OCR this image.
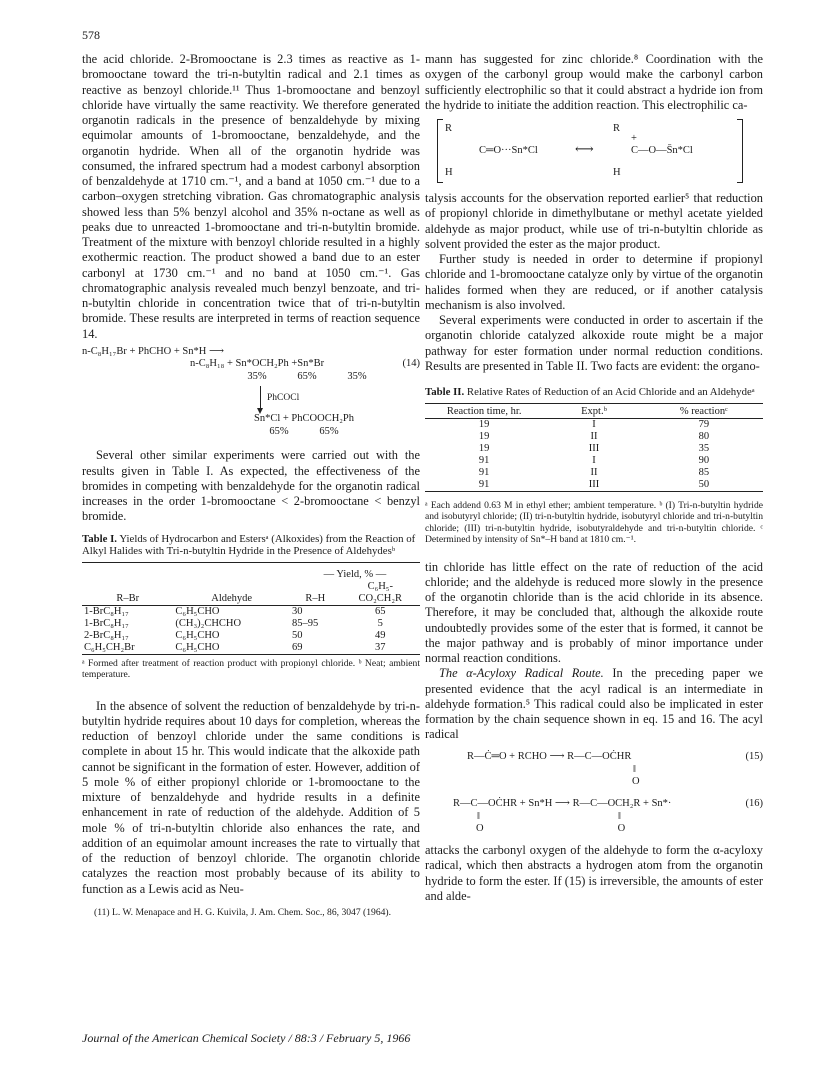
578

the acid chloride. 2-Bromooctane is 2.3 times as reactive as 1-bromooctane toward the tri-n-butyltin radical and 2.1 times as reactive as benzoyl chloride.¹¹ Thus 1-bromooctane and benzoyl chloride have virtually the same reactivity. We therefore generated organotin radicals in the presence of benzaldehyde by mixing equimolar amounts of 1-bromooctane, benzaldehyde, and the organotin hydride. When all of the organotin hydride was consumed, the infrared spectrum had a modest carbonyl absorption of benzaldehyde at 1710 cm.⁻¹, and a band at 1050 cm.⁻¹ due to a carbon–oxygen stretching vibration. Gas chromatographic analysis showed less than 5% benzyl alcohol and 35% n-octane as well as peaks due to unreacted 1-bromooctane and tri-n-butyltin bromide. Treatment of the mixture with benzoyl chloride resulted in a highly exothermic reaction. The product showed a band due to an ester carbonyl at 1730 cm.⁻¹ and no band at 1050 cm.⁻¹. Gas chromatographic analysis revealed much benzyl benzoate, and tri-n-butyltin chloride in concentration twice that of tri-n-butyltin bromide. These results are interpreted in terms of reaction sequence 14.

n-C₈H₁₇Br + PhCHO + Sn*H ⟶
n-C₈H₁₈ + Sn*OCH₂Ph +Sn*Br	(14)
35%	65%	35%
PhCOCl
Sn*Cl + PhCOOCH₂Ph
65%	65%

Several other similar experiments were carried out with the results given in Table I. As expected, the effectiveness of the bromides in competing with benzaldehyde for the organotin radical increases in the order 1-bromooctane < 2-bromooctane < benzyl bromide.

Table I. Yields of Hydrocarbon and Estersᵃ (Alkoxides) from the Reaction of Alkyl Halides with Tri-n-butyltin Hydride in the Presence of Aldehydesᵇ
		— Yield, % —	
			C₆H₅-
R–Br	Aldehyde	R–H	CO₂CH₂R
1-BrC₈H₁₇	C₆H₅CHO	30	65
1-BrC₈H₁₇	(CH₃)₂CHCHO	85–95	5
2-BrC₈H₁₇	C₆H₅CHO	50	49
C₆H₅CH₂Br	C₆H₅CHO	69	37

ᵃ Formed after treatment of reaction product with propionyl chloride. ᵇ Neat; ambient temperature.

In the absence of solvent the reduction of benzaldehyde by tri-n-butyltin hydride requires about 10 days for completion, whereas the reduction of benzoyl chloride under the same conditions is complete in about 15 hr. This would indicate that the alkoxide path cannot be significant in the formation of ester. However, addition of 5 mole % of either propionyl chloride or 1-bromooctane to the mixture of benzaldehyde and hydride results in a definite enhancement in rate of reduction of the aldehyde. Addition of 5 mole % of tri-n-butyltin chloride also enhances the rate, and addition of an equimolar amount increases the rate to virtually that of the reduction of benzoyl chloride. The organotin chloride catalyzes the reaction most probably because of its ability to function as a Lewis acid as Neu-

(11) L. W. Menapace and H. G. Kuivila, J. Am. Chem. Soc., 86, 3047 (1964).

mann has suggested for zinc chloride.⁸ Coordination with the oxygen of the carbonyl group would make the carbonyl carbon sufficiently electrophilic so that it could abstract a hydride ion from the hydride to initiate the addition reaction. This electrophilic ca-

R
H
C═O···Sn*Cl	⟷
R
+
H
C—O—S̄n*Cl

talysis accounts for the observation reported earlier⁵ that reduction of propionyl chloride in dimethylbutane or methyl acetate yielded aldehyde as major product, while use of tri-n-butyltin chloride as solvent provided the ester as the major product.

Further study is needed in order to determine if propionyl chloride and 1-bromooctane catalyze only by virtue of the organotin halides formed when they are reduced, or if another catalysis mechanism is also involved.

Several experiments were conducted in order to ascertain if the organotin chloride catalyzed alkoxide route might be a major pathway for ester formation under normal reduction conditions. Results are presented in Table II. Two facts are evident: the organo-

Table II. Relative Rates of Reduction of an Acid Chloride and an Aldehydeᵃ
Reaction time, hr.	Expt.ᵇ	% reactionᶜ
19	I	79
19	II	80
19	III	35
91	I	90
91	II	85
91	III	50

ᵃ Each addend 0.63 M in ethyl ether; ambient temperature. ᵇ (I) Tri-n-butyltin hydride and isobutyryl chloride; (II) tri-n-butyltin hydride, isobutyryl chloride and tri-n-butyltin chloride; (III) tri-n-butyltin hydride, isobutyraldehyde and tri-n-butyltin chloride. ᶜ Determined by intensity of Sn*–H band at 1810 cm.⁻¹.

tin chloride has little effect on the rate of reduction of the acid chloride; and the aldehyde is reduced more slowly in the presence of the organotin chloride than is the acid chloride in its absence. Therefore, it may be concluded that, although the alkoxide route undoubtedly provides some of the ester that is formed, it cannot be the major pathway and is probably of minor importance under normal reaction conditions.

The α-Acyloxy Radical Route. In the preceding paper we presented evidence that the acyl radical is an intermediate in aldehyde formation.⁵ This radical could also be implicated in ester formation by the chain sequence shown in eq. 15 and 16. The acyl radical

R—Ċ═O + RCHO ⟶ R—C—OĊHR	(15)
‖
O
R—C—OĊHR + Sn*H ⟶ R—C—OCH₂R + Sn*·	(16)
‖	‖
O	O

attacks the carbonyl oxygen of the aldehyde to form the α-acyloxy radical, which then abstracts a hydrogen atom from the organotin hydride to form the ester. If (15) is irreversible, the amounts of ester and alde-

Journal of the American Chemical Society / 88:3 / February 5, 1966
